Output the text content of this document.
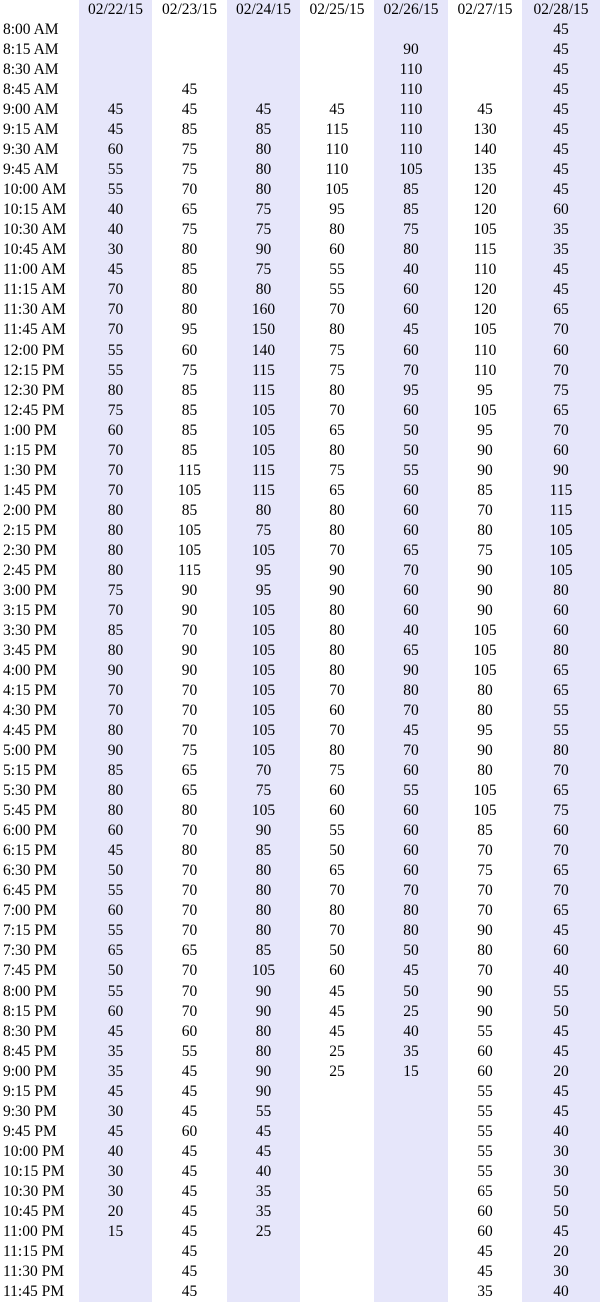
	02/22/15	02/23/15	02/24/15	02/25/15	02/26/15	02/27/15	02/28/15
8:00 AM							45
8:15 AM					90		45
8:30 AM					110		45
8:45 AM		45			110		45
9:00 AM	45	45	45	45	110	45	45
9:15 AM	45	85	85	115	110	130	45
9:30 AM	60	75	80	110	110	140	45
9:45 AM	55	75	80	110	105	135	45
10:00 AM	55	70	80	105	85	120	45
10:15 AM	40	65	75	95	85	120	60
10:30 AM	40	75	75	80	75	105	35
10:45 AM	30	80	90	60	80	115	35
11:00 AM	45	85	75	55	40	110	45
11:15 AM	70	80	80	55	60	120	45
11:30 AM	70	80	160	70	60	120	65
11:45 AM	70	95	150	80	45	105	70
12:00 PM	55	60	140	75	60	110	60
12:15 PM	55	75	115	75	70	110	70
12:30 PM	80	85	115	80	95	95	75
12:45 PM	75	85	105	70	60	105	65
1:00 PM	60	85	105	65	50	95	70
1:15 PM	70	85	105	80	50	90	60
1:30 PM	70	115	115	75	55	90	90
1:45 PM	70	105	115	65	60	85	115
2:00 PM	80	85	80	80	60	70	115
2:15 PM	80	105	75	80	60	80	105
2:30 PM	80	105	105	70	65	75	105
2:45 PM	80	115	95	90	70	90	105
3:00 PM	75	90	95	90	60	90	80
3:15 PM	70	90	105	80	60	90	60
3:30 PM	85	70	105	80	40	105	60
3:45 PM	80	90	105	80	65	105	80
4:00 PM	90	90	105	80	90	105	65
4:15 PM	70	70	105	70	80	80	65
4:30 PM	70	70	105	60	70	80	55
4:45 PM	80	70	105	70	45	95	55
5:00 PM	90	75	105	80	70	90	80
5:15 PM	85	65	70	75	60	80	70
5:30 PM	80	65	75	60	55	105	65
5:45 PM	80	80	105	60	60	105	75
6:00 PM	60	70	90	55	60	85	60
6:15 PM	45	80	85	50	60	70	70
6:30 PM	50	70	80	65	60	75	65
6:45 PM	55	70	80	70	70	70	70
7:00 PM	60	70	80	80	80	70	65
7:15 PM	55	70	80	70	80	90	45
7:30 PM	65	65	85	50	50	80	60
7:45 PM	50	70	105	60	45	70	40
8:00 PM	55	70	90	45	50	90	55
8:15 PM	60	70	90	45	25	90	50
8:30 PM	45	60	80	45	40	55	45
8:45 PM	35	55	80	25	35	60	45
9:00 PM	35	45	90	25	15	60	20
9:15 PM	45	45	90			55	45
9:30 PM	30	45	55			55	45
9:45 PM	45	60	45			55	40
10:00 PM	40	45	45			55	30
10:15 PM	30	45	40			55	30
10:30 PM	30	45	35			65	50
10:45 PM	20	45	35			60	50
11:00 PM	15	45	25			60	45
11:15 PM		45				45	20
11:30 PM		45				45	30
11:45 PM		45				35	40
